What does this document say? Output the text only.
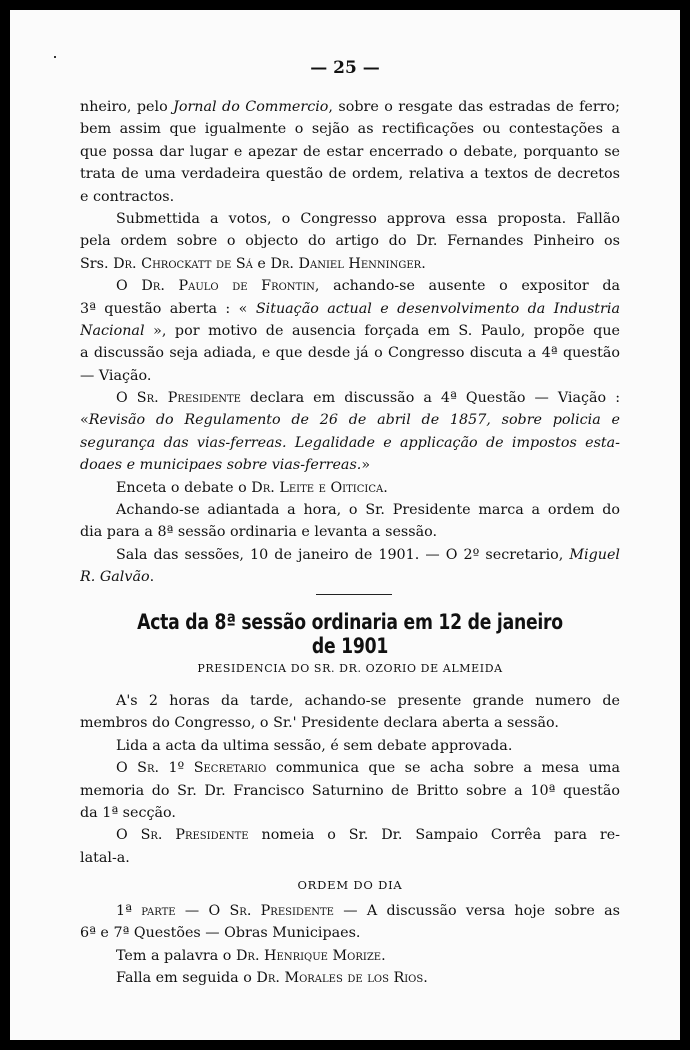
— 25 —
nheiro, pelo Jornal do Commercio, sobre o resgate das estradas de ferro;
bem assim que igualmente o sejão as rectificações ou contestações a
que possa dar lugar e apezar de estar encerrado o debate, porquanto se
trata de uma verdadeira questão de ordem, relativa a textos de decretos
e contractos.
Submettida a votos, o Congresso approva essa proposta. Fallão
pela ordem sobre o objecto do artigo do Dr. Fernandes Pinheiro os
Srs. Dr. Chrockatt de Sá e Dr. Daniel Henninger.
O Dr. Paulo de Frontin, achando-se ausente o expositor da
3ª questão aberta : « Situação actual e desenvolvimento da Industria
Nacional », por motivo de ausencia forçada em S. Paulo, propõe que
a discussão seja adiada, e que desde já o Congresso discuta a 4ª questão
— Viação.
O Sr. Presidente declara em discussão a 4ª Questão — Viação :
«Revisão do Regulamento de 26 de abril de 1857, sobre policia e
segurança das vias-ferreas. Legalidade e applicação de impostos esta-
doaes e municipaes sobre vias-ferreas.»
Enceta o debate o Dr. Leite e Oiticica.
Achando-se adiantada a hora, o Sr. Presidente marca a ordem do
dia para a 8ª sessão ordinaria e levanta a sessão.
Sala das sessões, 10 de janeiro de 1901. — O 2º secretario, Miguel
R. Galvão.
Acta da 8ª sessão ordinaria em 12 de janeiro de 1901
PRESIDENCIA DO SR. DR. OZORIO DE ALMEIDA
A's 2 horas da tarde, achando-se presente grande numero de
membros do Congresso, o Sr.' Presidente declara aberta a sessão.
Lida a acta da ultima sessão, é sem debate approvada.
O Sr. 1º Secretario communica que se acha sobre a mesa uma
memoria do Sr. Dr. Francisco Saturnino de Britto sobre a 10ª questão
da 1ª secção.
O Sr. Presidente nomeia o Sr. Dr. Sampaio Corrêa para re-
latal-a.
ORDEM DO DIA
1ª parte — O Sr. Presidente — A discussão versa hoje sobre as
6ª e 7ª Questões — Obras Municipaes.
Tem a palavra o Dr. Henrique Morize.
Falla em seguida o Dr. Morales de los Rios.
